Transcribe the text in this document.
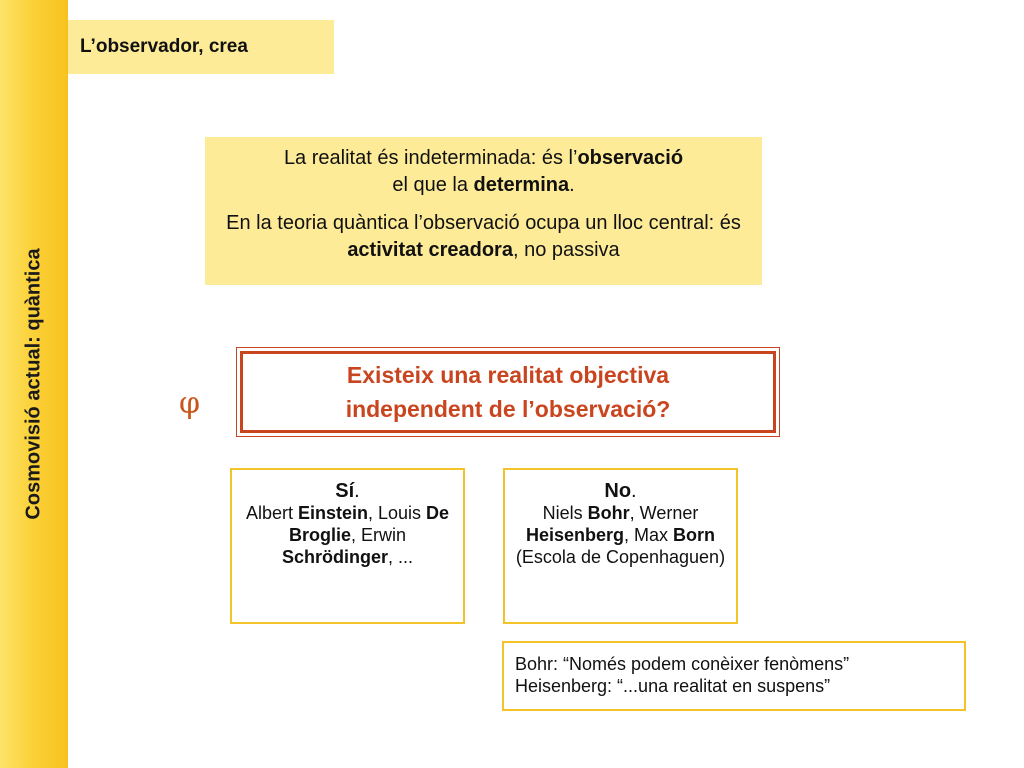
Cosmovisió actual: quàntica
L’observador, crea

La realitat és indeterminada: és l’observació
el que la determina.

En la teoria quàntica l’observació ocupa un lloc central: és activitat creadora, no passiva

φ

Existeix una realitat objectiva
independent de l’observació?

Sí.
Albert Einstein, Louis De Broglie, Erwin Schrödinger, ...
No.
Niels Bohr, Werner Heisenberg, Max Born (Escola de Copenhaguen)
Bohr: “Només podem conèixer fenòmens”
Heisenberg: “...una realitat en suspens”
